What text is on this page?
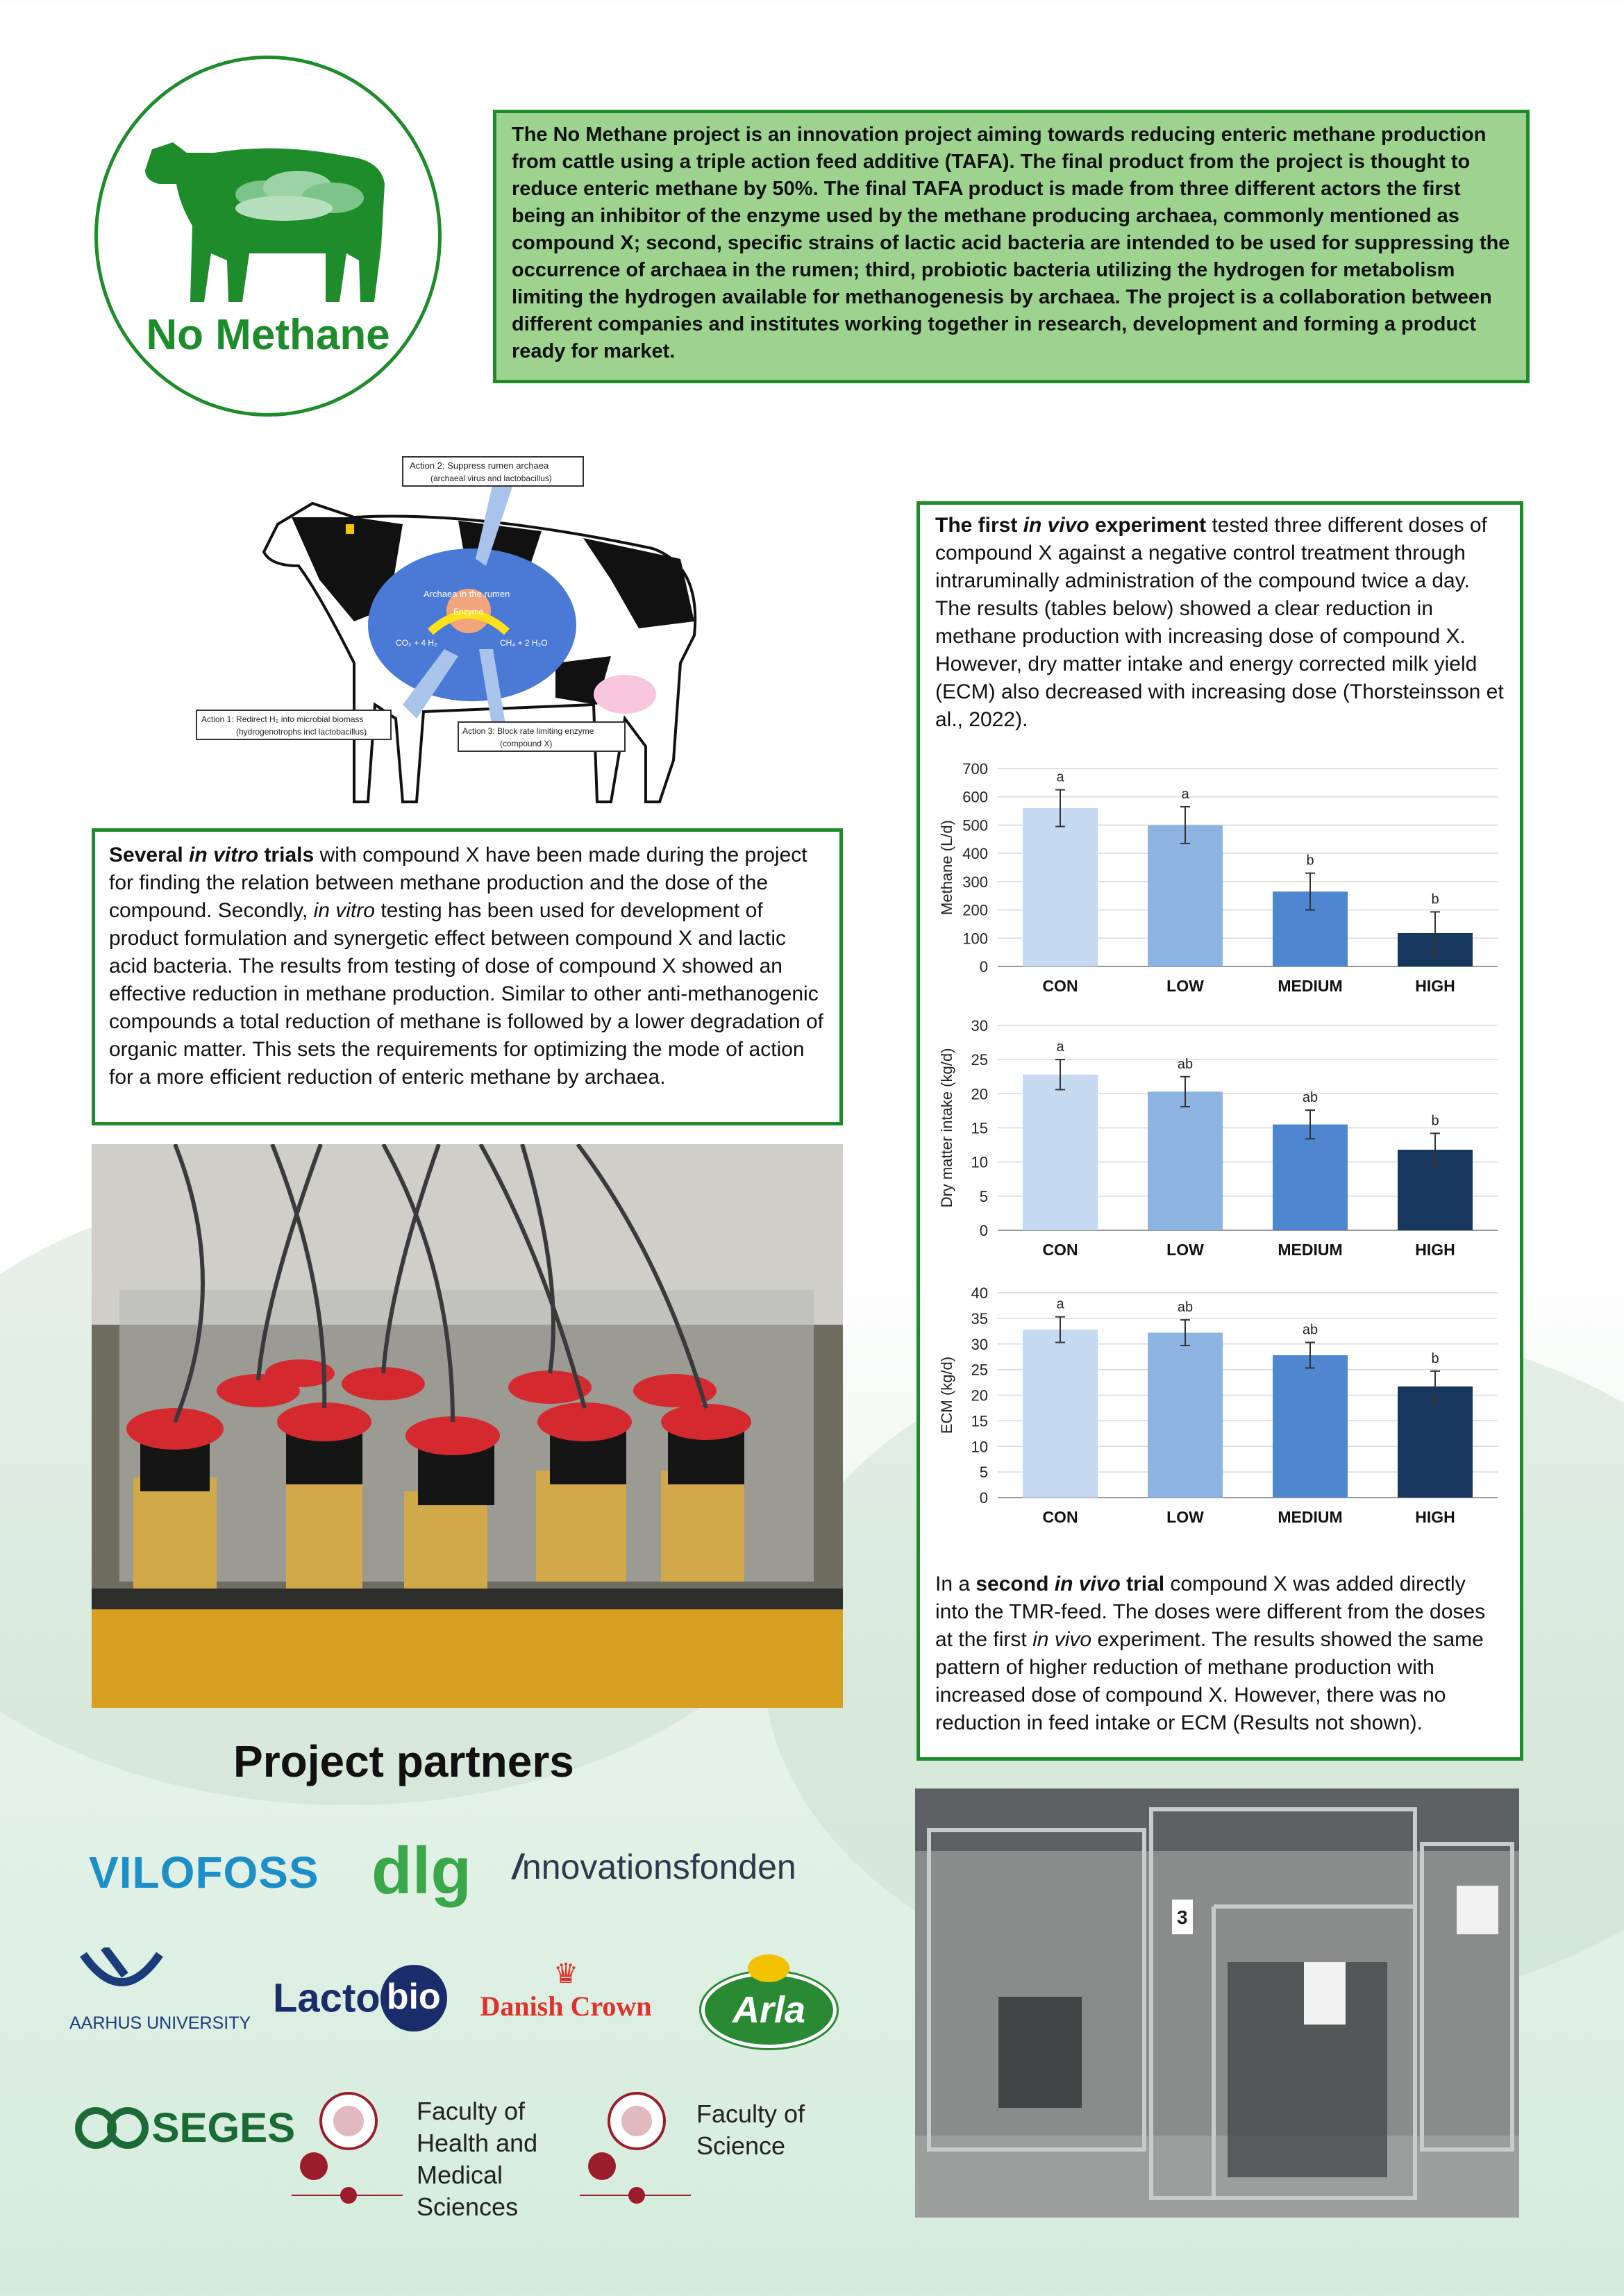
No Methane
The No Methane project is an innovation project aiming towards reducing enteric methane production from cattle using a triple action feed additive (TAFA). The final product from the project is thought to reduce enteric methane by 50%. The final TAFA product is made from three different actors the first being an inhibitor of the enzyme used by the methane producing archaea, commonly mentioned as compound X; second, specific strains of lactic acid bacteria are intended to be used for suppressing the occurrence of archaea in the rumen; third, probiotic bacteria utilizing the hydrogen for metabolism limiting the hydrogen available for methanogenesis by archaea. The project is a collaboration between different companies and institutes working together in research, development and forming a product ready for market.
Action 2: Suppress rumen archaea
(archaeal virus and lactobacillus)
Archaea in the rumen
Enzyme
CO₂ + 4 H₂	CH₄ + 2 H₂O
Action 1: Redirect H₂ into microbial biomass
(hydrogenotrophs incl lactobacillus)	Action 3: Block rate limiting enzyme
(compound X)
Several in vitro trials with compound X have been made during the project for finding the relation between methane production and the dose of the compound. Secondly, in vitro testing has been used for development of product formulation and synergetic effect between compound X and lactic acid bacteria. The results from testing of dose of compound X showed an effective reduction in methane production. Similar to other anti-methanogenic compounds a total reduction of methane is followed by a lower degradation of organic matter. This sets the requirements for optimizing the mode of action for a more efficient reduction of enteric methane by archaea.
The first in vivo experiment tested three different doses of compound X against a negative control treatment through intraruminally administration of the compound twice a day. The results (tables below) showed a clear reduction in methane production with increasing dose of compound X. However, dry matter intake and energy corrected milk yield (ECM) also decreased with increasing dose (Thorsteinsson et al., 2022).
0
100
200
300
400
500
600
700
Methane (L/d)
a
CON
a
LOW
b
MEDIUM
b
HIGH
0
5
10
15
20
25
30
Dry matter intake (kg/d)
a
CON
ab
LOW
ab
MEDIUM
b
HIGH
0
5
10
15
20
25
30
35
40
ECM (kg/d)
a
CON
ab
LOW
ab
MEDIUM
b
HIGH
In a second in vivo trial compound X was added directly into the TMR-feed. The doses were different from the doses at the first in vivo experiment. The results showed the same pattern of higher reduction of methane production with increased dose of compound X. However, there was no reduction in feed intake or ECM (Results not shown).
3
Project partners
VILOFOSS dlg /nnovationsfonden
AARHUS UNIVERSITY
Lacto bio
♛
Danish Crown	Arla
SEGES	Faculty of Health and Medical Sciences
Faculty of Science
